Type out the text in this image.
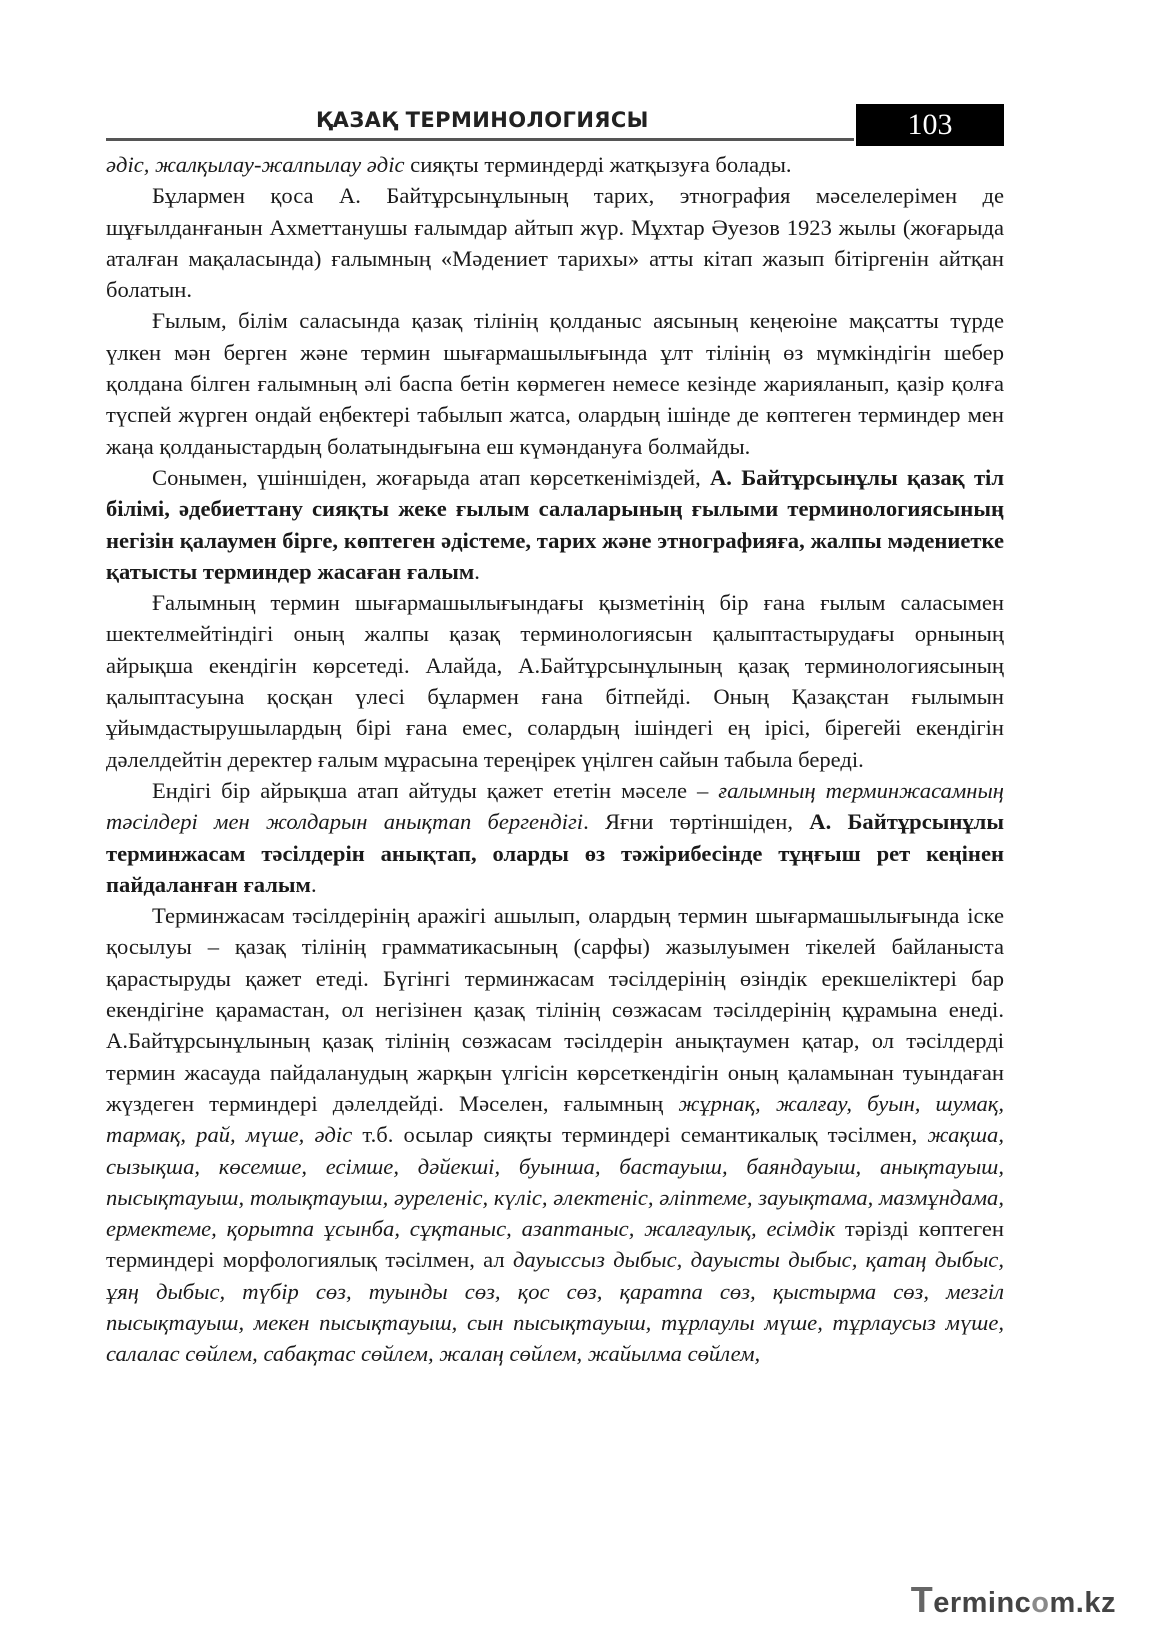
ҚАЗАҚ ТЕРМИНОЛОГИЯСЫ	103

әдіс, жалқылау-жалпылау әдіс сияқты терминдерді жатқызуға болады.

Бұлармен қоса А. Байтұрсынұлының тарих, этнография мәселелерімен де шұғылданғанын Ахметтанушы ғалымдар айтып жүр. Мұхтар Әуезов 1923 жылы (жоғарыда аталған мақаласында) ғалымның «Мәдениет тарихы» атты кітап жазып бітіргенін айтқан болатын.

Ғылым, білім саласында қазақ тілінің қолданыс аясының кеңеюіне мақсатты түрде үлкен мән берген және термин шығармашылығында ұлт тілінің өз мүмкіндігін шебер қолдана білген ғалымның әлі баспа бетін көрмеген немесе кезінде жарияланып, қазір қолға түспей жүрген ондай еңбектері табылып жатса, олардың ішінде де көптеген терминдер мен жаңа қолданыстардың болатындығына еш күмәндануға болмайды.

Сонымен, үшіншіден, жоғарыда атап көрсеткеніміздей, А. Байтұрсынұлы қазақ тіл білімі, әдебиеттану сияқты жеке ғылым салаларының ғылыми терминологиясының негізін қалаумен бірге, көптеген әдістеме, тарих және этнографияға, жалпы мәдениетке қатысты терминдер жасаған ғалым.

Ғалымның термин шығармашылығындағы қызметінің бір ғана ғылым саласымен шектелмейтіндігі оның жалпы қазақ терминологиясын қалыптастырудағы орнының айрықша екендігін көрсетеді. Алайда, А.Байтұрсынұлының қазақ терминологиясының қалыптасуына қосқан үлесі бұлармен ғана бітпейді. Оның Қазақстан ғылымын ұйымдастырушылардың бірі ғана емес, солардың ішіндегі ең ірісі, бірегейі екендігін дәлелдейтін деректер ғалым мұрасына тереңірек үңілген сайын табыла береді.

Ендігі бір айрықша атап айтуды қажет ететін мәселе – ғалымның терминжасамның тәсілдері мен жолдарын анықтап бергендігі. Яғни төртіншіден, А. Байтұрсынұлы терминжасам тәсілдерін анықтап, оларды өз тәжірибесінде тұңғыш рет кеңінен пайдаланған ғалым.

Терминжасам тәсілдерінің аражігі ашылып, олардың термин шығармашылығында іске қосылуы – қазақ тілінің грамматикасының (сарфы) жазылуымен тікелей байланыста қарастыруды қажет етеді. Бүгінгі терминжасам тәсілдерінің өзіндік ерекшеліктері бар екендігіне қарамастан, ол негізінен қазақ тілінің сөзжасам тәсілдерінің құрамына енеді. А.Байтұрсынұлының қазақ тілінің сөзжасам тәсілдерін анықтаумен қатар, ол тәсілдерді термин жасауда пайдаланудың жарқын үлгісін көрсеткендігін оның қаламынан туындаған жүздеген терминдері дәлелдейді. Мәселен, ғалымның жұрнақ, жалғау, буын, шумақ, тармақ, рай, мүше, әдіс т.б. осылар сияқты терминдері семантикалық тәсілмен, жақша, сызықша, көсемше, есімше, дәйекші, буынша, бастауыш, баяндауыш, анықтауыш, пысықтауыш, толықтауыш, әуреленіс, күліс, әлектеніс, әліптеме, зауықтама, мазмұндама, ермектеме, қорытпа ұсынба, сұқтаныс, азаптаныс, жалғаулық, есімдік тәрізді көптеген терминдері морфологиялық тәсілмен, ал дауыссыз дыбыс, дауысты дыбыс, қатаң дыбыс, ұяң дыбыс, түбір сөз, туынды сөз, қос сөз, қаратпа сөз, қыстырма сөз, мезгіл пысықтауыш, мекен пысықтауыш, сын пысықтауыш, тұрлаулы мүше, тұрлаусыз мүше, салалас сөйлем, сабақтас сөйлем, жалаң сөйлем, жайылма сөйлем,

Termincom.kz
